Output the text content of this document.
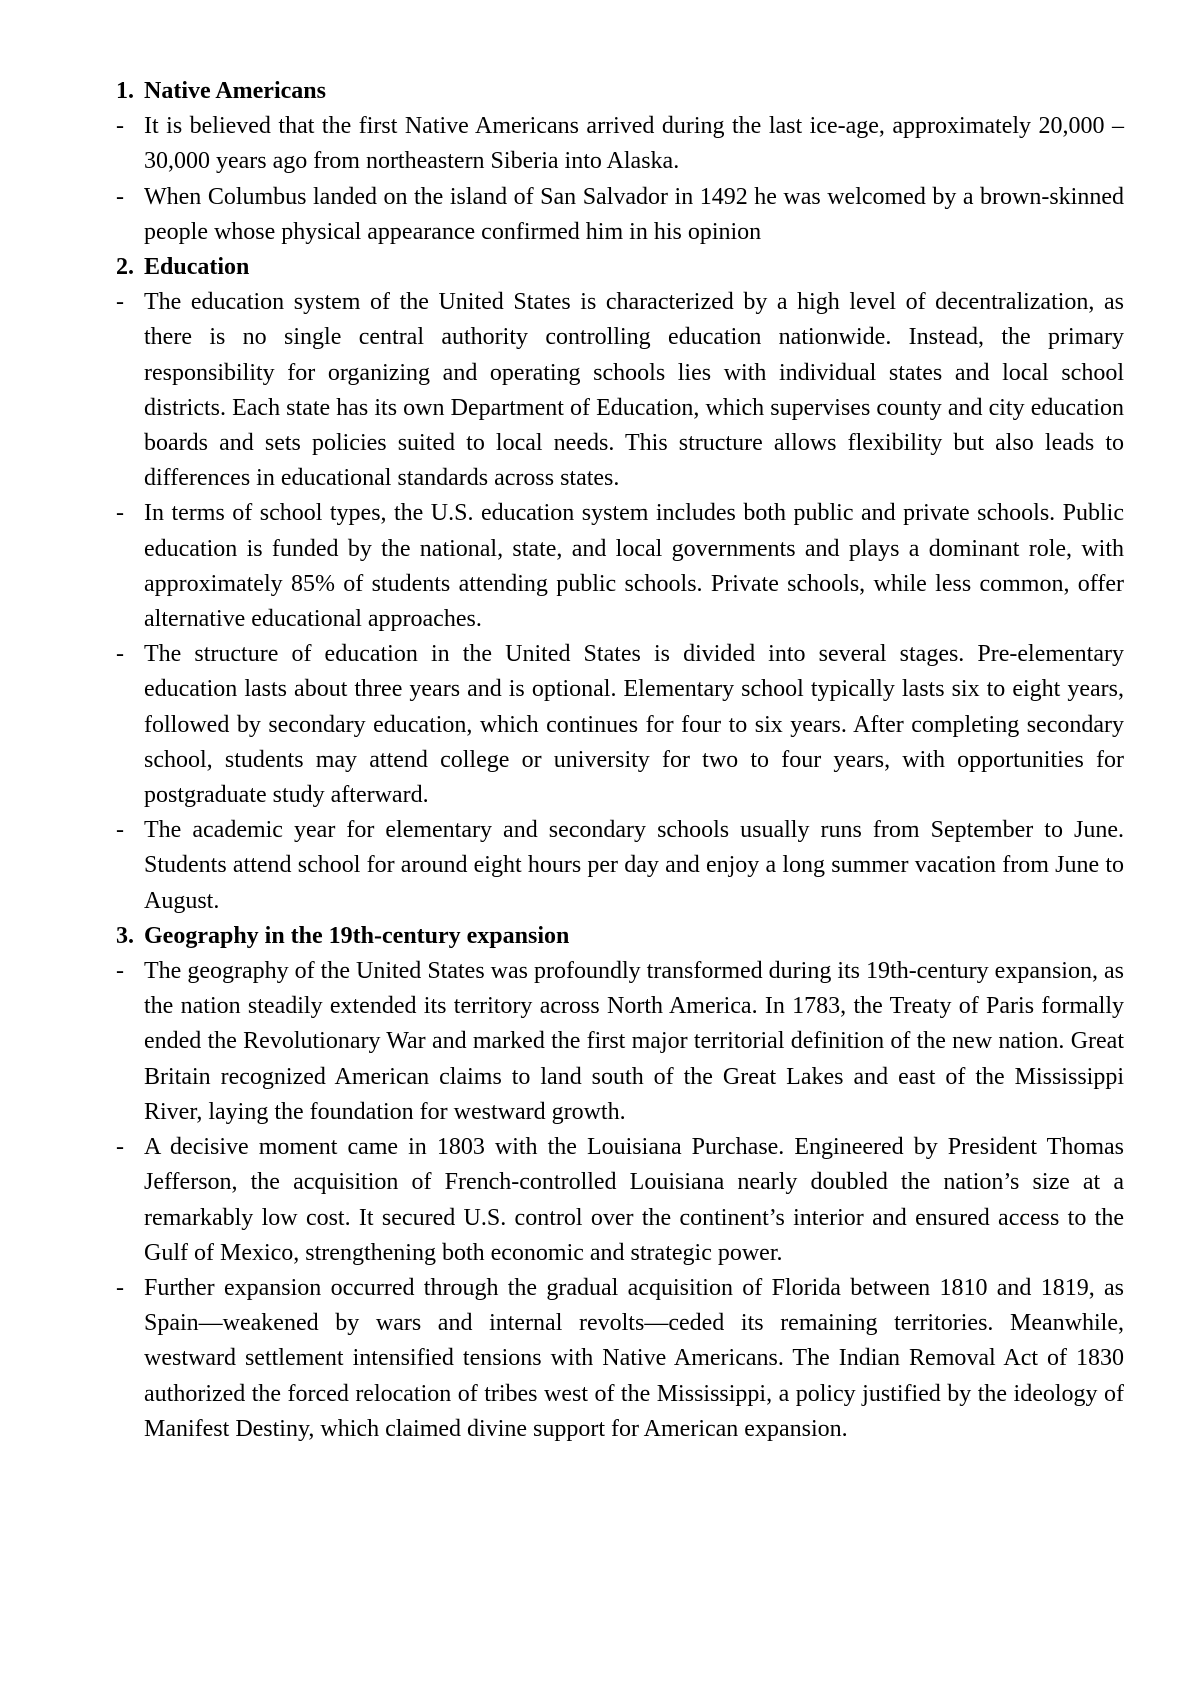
1. Native Americans
- It is believed that the first Native Americans arrived during the last ice-age, approximately 20,000 – 30,000 years ago from northeastern Siberia into Alaska.
- When Columbus landed on the island of San Salvador in 1492 he was welcomed by a brown-skinned people whose physical appearance confirmed him in his opinion
2. Education
- The education system of the United States is characterized by a high level of decentralization, as there is no single central authority controlling education nationwide. Instead, the primary responsibility for organizing and operating schools lies with individual states and local school districts. Each state has its own Department of Education, which supervises county and city education boards and sets policies suited to local needs. This structure allows flexibility but also leads to differences in educational standards across states.
- In terms of school types, the U.S. education system includes both public and private schools. Public education is funded by the national, state, and local governments and plays a dominant role, with approximately 85% of students attending public schools. Private schools, while less common, offer alternative educational approaches.
- The structure of education in the United States is divided into several stages. Pre-elementary education lasts about three years and is optional. Elementary school typically lasts six to eight years, followed by secondary education, which continues for four to six years. After completing secondary school, students may attend college or university for two to four years, with opportunities for postgraduate study afterward.
- The academic year for elementary and secondary schools usually runs from September to June. Students attend school for around eight hours per day and enjoy a long summer vacation from June to August.
3. Geography in the 19th-century expansion
- The geography of the United States was profoundly transformed during its 19th-century expansion, as the nation steadily extended its territory across North America. In 1783, the Treaty of Paris formally ended the Revolutionary War and marked the first major territorial definition of the new nation. Great Britain recognized American claims to land south of the Great Lakes and east of the Mississippi River, laying the foundation for westward growth.
- A decisive moment came in 1803 with the Louisiana Purchase. Engineered by President Thomas Jefferson, the acquisition of French-controlled Louisiana nearly doubled the nation’s size at a remarkably low cost. It secured U.S. control over the continent’s interior and ensured access to the Gulf of Mexico, strengthening both economic and strategic power.
- Further expansion occurred through the gradual acquisition of Florida between 1810 and 1819, as Spain—weakened by wars and internal revolts—ceded its remaining territories. Meanwhile, westward settlement intensified tensions with Native Americans. The Indian Removal Act of 1830 authorized the forced relocation of tribes west of the Mississippi, a policy justified by the ideology of Manifest Destiny, which claimed divine support for American expansion.
